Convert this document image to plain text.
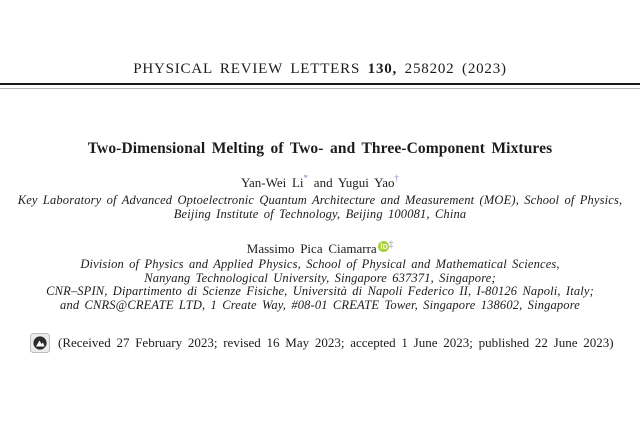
PHYSICAL REVIEW LETTERS 130, 258202 (2023)
Two-Dimensional Melting of Two- and Three-Component Mixtures
Yan-Wei Li* and Yugui Yao†
Key Laboratory of Advanced Optoelectronic Quantum Architecture and Measurement (MOE), School of Physics,
Beijing Institute of Technology, Beijing 100081, China
Massimo Pica Ciamarra ‡
Division of Physics and Applied Physics, School of Physical and Mathematical Sciences,
Nanyang Technological University, Singapore 637371, Singapore;
CNR–SPIN, Dipartimento di Scienze Fisiche, Università di Napoli Federico II, I-80126 Napoli, Italy;
and CNRS@CREATE LTD, 1 Create Way, #08-01 CREATE Tower, Singapore 138602, Singapore
(Received 27 February 2023; revised 16 May 2023; accepted 1 June 2023; published 22 June 2023)
